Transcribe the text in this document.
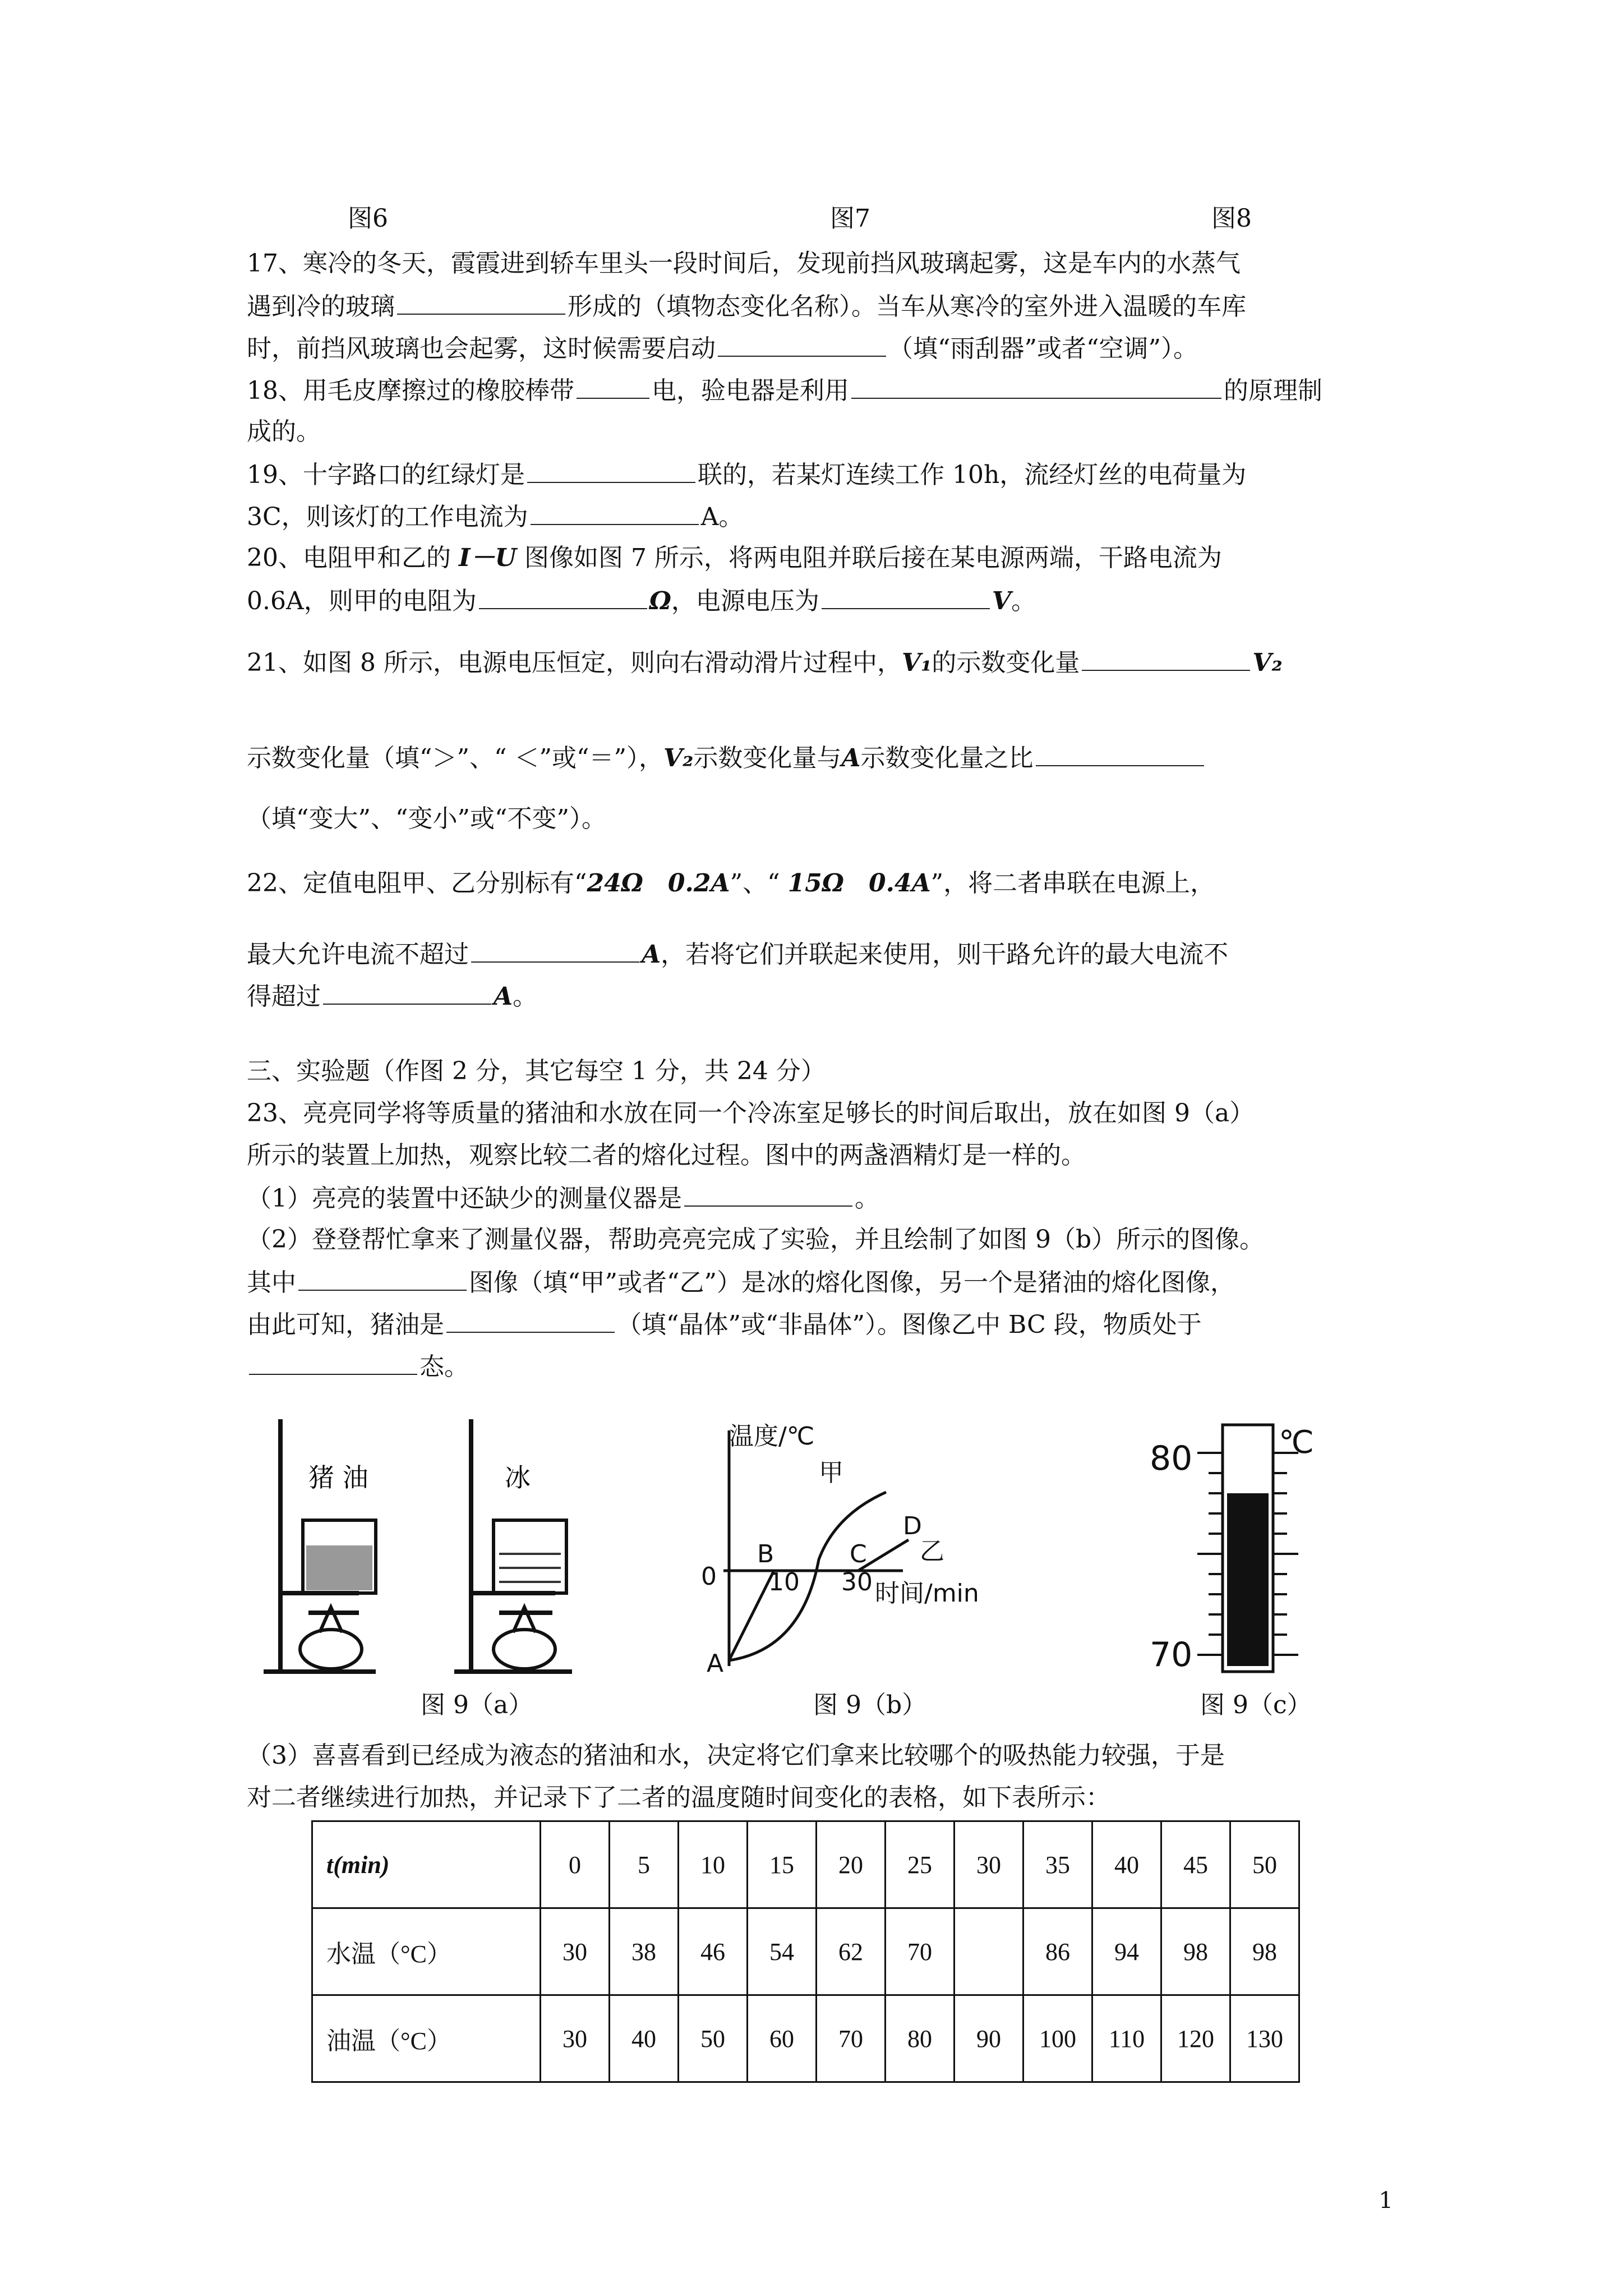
图6	图7	图8
17、寒冷的冬天，霞霞进到轿车里头一段时间后，发现前挡风玻璃起雾，这是车内的水蒸气
遇到冷的玻璃	形成的（填物态变化名称）。当车从寒冷的室外进入温暖的车库
时，前挡风玻璃也会起雾，这时候需要启动	（填“雨刮器”或者“空调”）。
18、用毛皮摩擦过的橡胶棒带	电，验电器是利用	的原理制
成的。
19、十字路口的红绿灯是	联的，若某灯连续工作 10h，流经灯丝的电荷量为
3C，则该灯的工作电流为	A。
20、电阻甲和乙的 I－U 图像如图 7 所示，将两电阻并联后接在某电源两端，干路电流为
0.6A，则甲的电阻为	Ω，电源电压为	V。
21、如图 8 所示，电源电压恒定，则向右滑动滑片过程中，V₁的示数变化量	V₂
示数变化量（填“＞”、“ ＜”或“＝”），V₂示数变化量与A示数变化量之比
（填“变大”、“变小”或“不变”）。
22、定值电阻甲、乙分别标有“24Ω　0.2A”、“ 15Ω　0.4A”，将二者串联在电源上，
最大允许电流不超过	A，若将它们并联起来使用，则干路允许的最大电流不
得超过	A。
三、实验题（作图 2 分，其它每空 1 分，共 24 分）
23、亮亮同学将等质量的猪油和水放在同一个冷冻室足够长的时间后取出，放在如图 9（a）
所示的装置上加热，观察比较二者的熔化过程。图中的两盏酒精灯是一样的。
（1）亮亮的装置中还缺少的测量仪器是	。
（2）登登帮忙拿来了测量仪器，帮助亮亮完成了实验，并且绘制了如图 9（b）所示的图像。
其中	图像（填“甲”或者“乙”）是冰的熔化图像，另一个是猪油的熔化图像，
由此可知，猪油是	（填“晶体”或“非晶体”）。图像乙中 BC 段，物质处于
态。
猪 油	冰
温度/℃
时间/min
0 10 30
A
B	C
D
甲
乙
℃
80
70
图 9（a）	图 9（b）	图 9（c）
（3）喜喜看到已经成为液态的猪油和水，决定将它们拿来比较哪个的吸热能力较强，于是
对二者继续进行加热，并记录下了二者的温度随时间变化的表格，如下表所示：
t(min)	0	5	10	15	20	25	30	35	40	45	50
水温（°C）	30	38	46	54	62	70		86	94	98	98
油温（°C）	30	40	50	60	70	80	90	100	110	120	130
1
